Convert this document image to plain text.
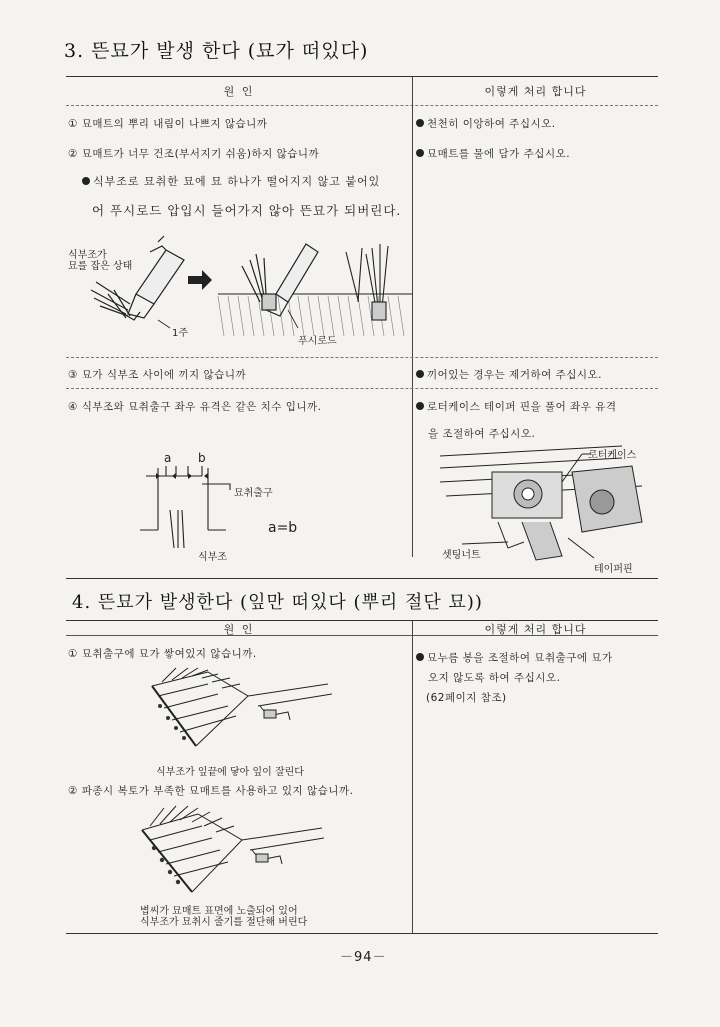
3. 뜬묘가 발생 한다 (묘가 떠있다)
원 인	이렇게 처리 합니다
① 묘매트의 뿌리 내림이 나쁘지 않습니까	천천히 이앙하여 주십시오.
② 묘매트가 너무 건조(부서지기 쉬움)하지 않습니까	묘매트를 물에 담가 주십시오.
식부조로 묘취한 묘에 묘 하나가 떨어지지 않고 붙어있
어 푸시로드 압입시 들어가지 않아 뜬묘가 되버린다.
식부조가
묘를 잡은 상태
1주
푸시로드
③ 묘가 식부조 사이에 끼지 않습니까	끼어있는 경우는 제거하여 주십시오.
④ 식부조와 묘취출구 좌우 유격은 같은 치수 입니까.	로터케이스 테이퍼 핀을 풀어 좌우 유격
을 조절하여 주십시오.
a b
묘취출구
a=b
식부조
로터케이스
셋팅너트
테이퍼핀
4. 뜬묘가 발생한다 (잎만 떠있다 (뿌리 절단 묘))
원 인	이렇게 처리 합니다
① 묘취출구에 묘가 쌓여있지 않습니까.	묘누름 봉을 조절하여 묘취출구에 묘가
오지 않도록 하여 주십시오.
(62페이지 참조)
식부조가 잎끝에 닿아 잎이 잘린다
② 파종시 복토가 부족한 묘매트를 사용하고 있지 않습니까.
볍씨가 묘매트 표면에 노출되어 있어
식부조가 묘취시 줄기를 절단해 버린다
－94－
